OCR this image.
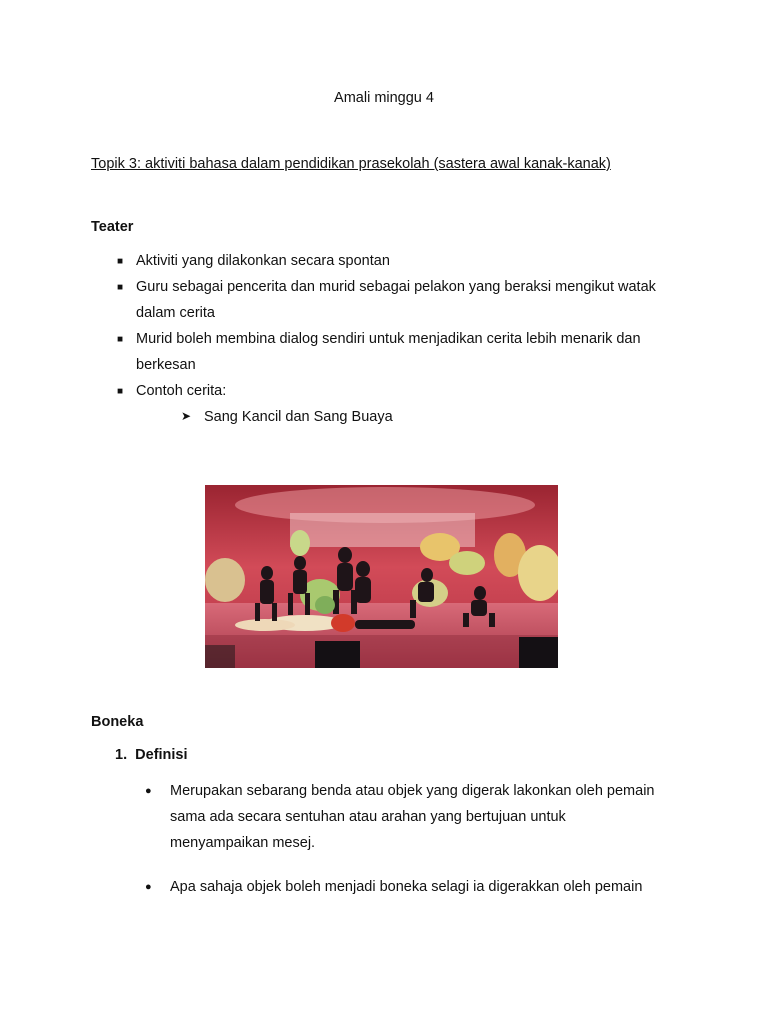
Amali minggu 4
Topik 3: aktiviti bahasa dalam pendidikan prasekolah (sastera awal kanak-kanak)
Teater
■ Aktiviti yang dilakonkan secara spontan
■ Guru sebagai pencerita dan murid sebagai pelakon yang beraksi mengikut watak
dalam cerita
■ Murid boleh membina dialog sendiri untuk menjadikan cerita lebih menarik dan
berkesan
■ Contoh cerita:
➤ Sang Kancil dan Sang Buaya
Boneka
1. Definisi
● Merupakan sebarang benda atau objek yang digerak lakonkan oleh pemain
sama ada secara sentuhan atau arahan yang bertujuan untuk
menyampaikan mesej.
● Apa sahaja objek boleh menjadi boneka selagi ia digerakkan oleh pemain
